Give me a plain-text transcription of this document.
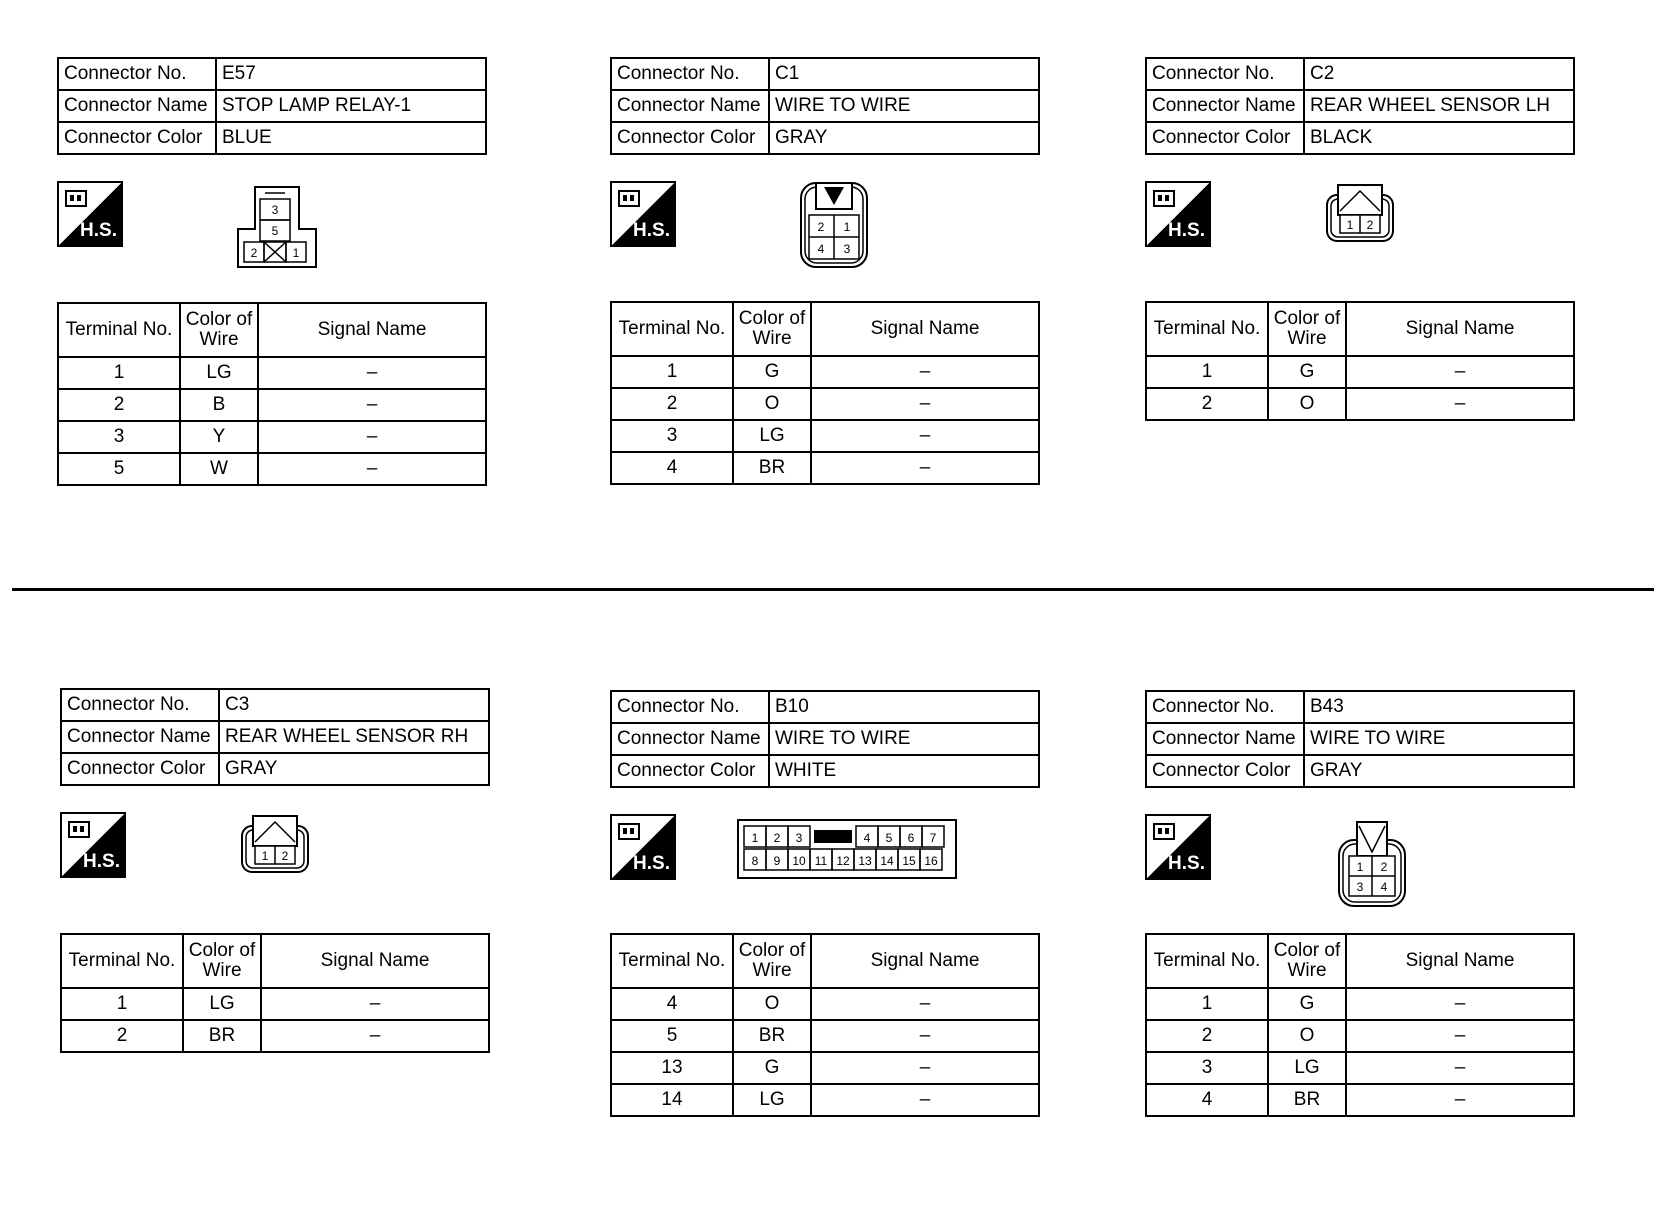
Connector No.	E57
Connector Name	STOP LAMP RELAY-1
Connector Color	BLUE
H.S.
3
5
2	1
Terminal No.	Color of
Wire	Signal Name
1	LG	–
2	B	–
3	Y	–
5	W	–
Connector No.	C1
Connector Name	WIRE TO WIRE
Connector Color	GRAY
H.S.	2 1
4 3
Terminal No.	Color of
Wire	Signal Name
1	G	–
2	O	–
3	LG	–
4	BR	–
Connector No.	C2
Connector Name	REAR WHEEL SENSOR LH
Connector Color	BLACK
H.S.	1 2
Terminal No.	Color of
Wire	Signal Name
1	G	–
2	O	–
Connector No.	C3
Connector Name	REAR WHEEL SENSOR RH
Connector Color	GRAY
H.S.	1 2
Terminal No.	Color of
Wire	Signal Name
1	LG	–
2	BR	–
Connector No.	B10
Connector Name	WIRE TO WIRE
Connector Color	WHITE
H.S.
1 2 3	4 5 6 7
8 9 10 11 12 13 14 15 16
Terminal No.	Color of
Wire	Signal Name
4	O	–
5	BR	–
13	G	–
14	LG	–
Connector No.	B43
Connector Name	WIRE TO WIRE
Connector Color	GRAY
H.S.	1 2
3 4
Terminal No.	Color of
Wire	Signal Name
1	G	–
2	O	–
3	LG	–
4	BR	–
